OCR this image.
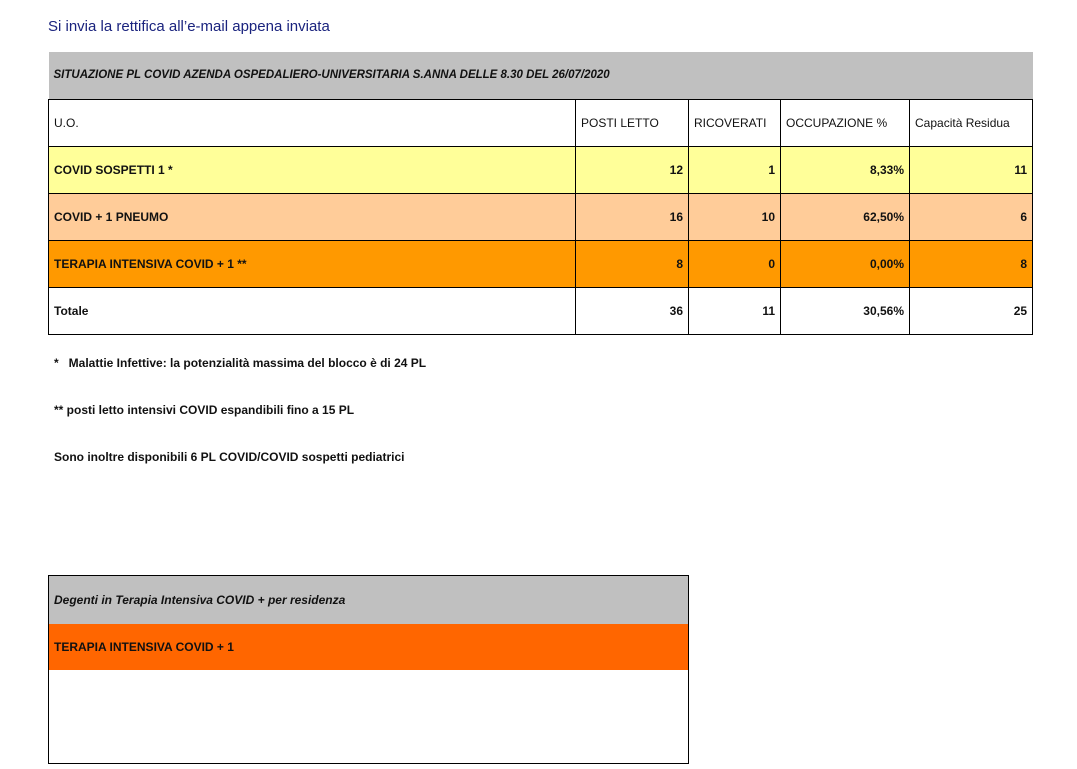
Si invia la rettifica all’e-mail appena inviata
SITUAZIONE PL COVID AZENDA OSPEDALIERO-UNIVERSITARIA S.ANNA DELLE 8.30 DEL 26/07/2020				
U.O.	POSTI LETTO	RICOVERATI	OCCUPAZIONE %	Capacità Residua
COVID SOSPETTI 1 *	12	1	8,33%	11
COVID + 1 PNEUMO	16	10	62,50%	6
TERAPIA INTENSIVA COVID + 1 **	8	0	0,00%	8
Totale	36	11	30,56%	25
*   Malattie Infettive: la potenzialità massima del blocco è di 24 PL
** posti letto intensivi COVID espandibili fino a 15 PL
Sono inoltre disponibili 6 PL COVID/COVID sospetti pediatrici
Degenti in Terapia Intensiva COVID + per residenza
TERAPIA INTENSIVA COVID + 1
